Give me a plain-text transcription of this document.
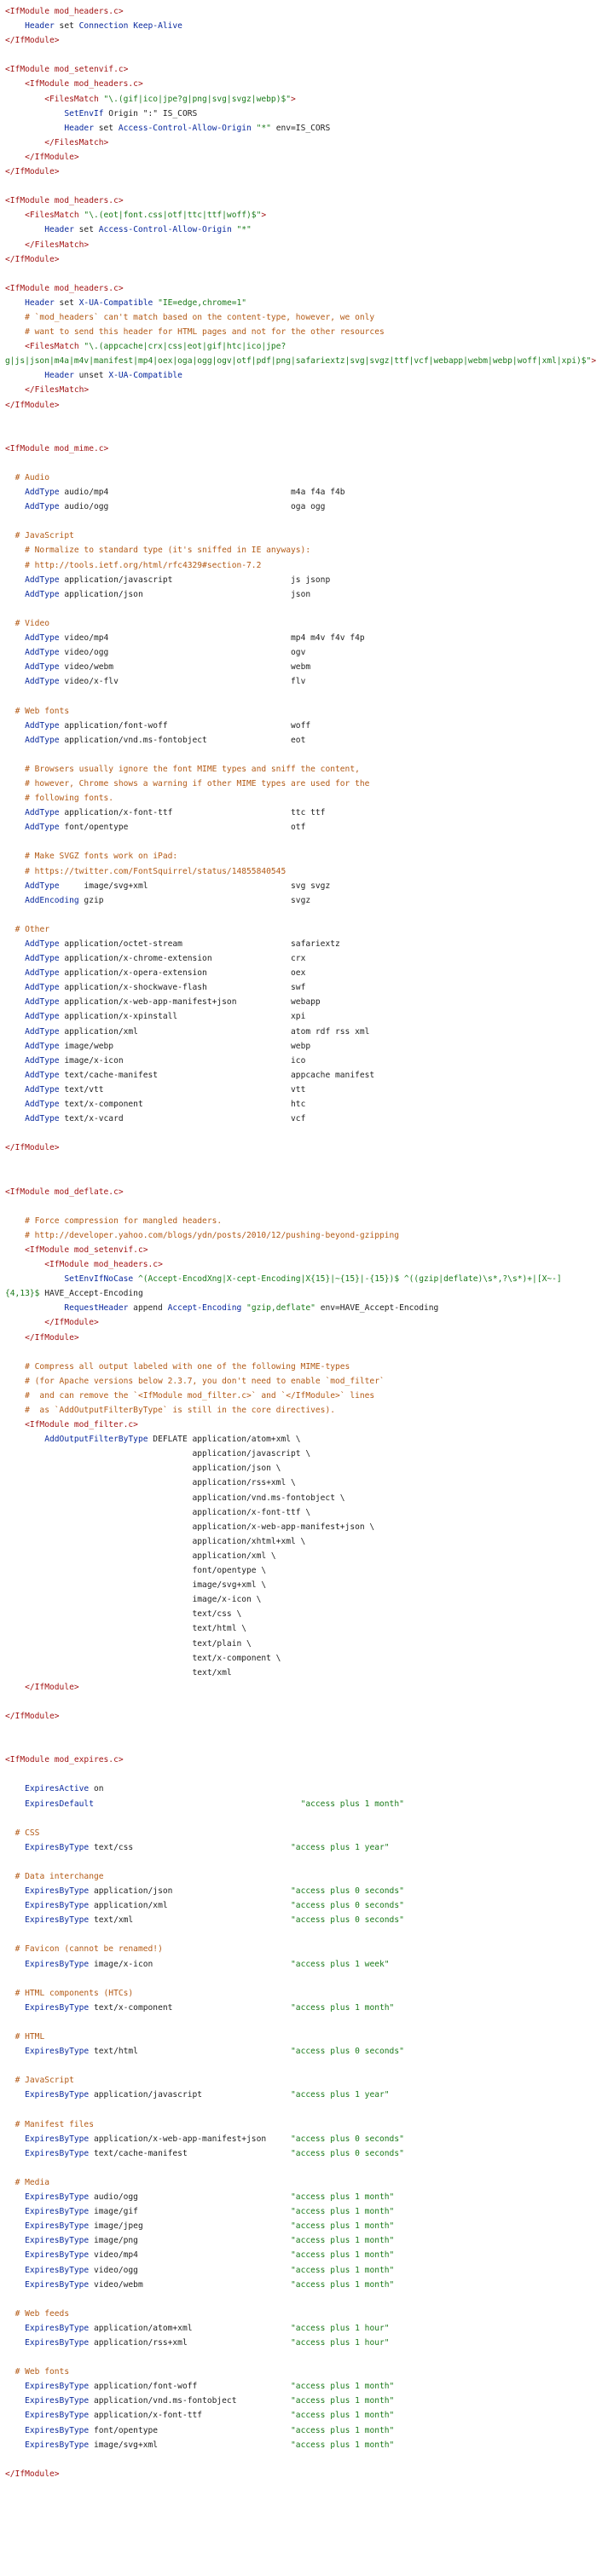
<IfModule mod_headers.c>
Header set Connection Keep-Alive
</IfModule>

<IfModule mod_setenvif.c>
<IfModule mod_headers.c>
<FilesMatch "\.(gif|ico|jpe?g|png|svg|svgz|webp)$">
SetEnvIf Origin ":" IS_CORS
Header set Access-Control-Allow-Origin "*" env=IS_CORS
</FilesMatch>
</IfModule>
</IfModule>

<IfModule mod_headers.c>
<FilesMatch "\.(eot|font.css|otf|ttc|ttf|woff)$">
Header set Access-Control-Allow-Origin "*"
</FilesMatch>
</IfModule>

<IfModule mod_headers.c>
Header set X-UA-Compatible "IE=edge,chrome=1"
# `mod_headers` can't match based on the content-type, however, we only
# want to send this header for HTML pages and not for the other resources
<FilesMatch "\.(appcache|crx|css|eot|gif|htc|ico|jpe?
g|js|json|m4a|m4v|manifest|mp4|oex|oga|ogg|ogv|otf|pdf|png|safariextz|svg|svgz|ttf|vcf|webapp|webm|webp|woff|xml|xpi)$">
Header unset X-UA-Compatible
</FilesMatch>
</IfModule>

<IfModule mod_mime.c>

# Audio
AddType audio/mp4                                     m4a f4a f4b
AddType audio/ogg                                     oga ogg

# JavaScript
# Normalize to standard type (it's sniffed in IE anyways):
# http://tools.ietf.org/html/rfc4329#section-7.2
AddType application/javascript                        js jsonp
AddType application/json                              json

# Video
AddType video/mp4                                     mp4 m4v f4v f4p
AddType video/ogg                                     ogv
AddType video/webm                                    webm
AddType video/x-flv                                   flv

# Web fonts
AddType application/font-woff                         woff
AddType application/vnd.ms-fontobject                 eot

# Browsers usually ignore the font MIME types and sniff the content,
# however, Chrome shows a warning if other MIME types are used for the
# following fonts.
AddType application/x-font-ttf                        ttc ttf
AddType font/opentype                                 otf

# Make SVGZ fonts work on iPad:
# https://twitter.com/FontSquirrel/status/14855840545
AddType     image/svg+xml                             svg svgz
AddEncoding gzip                                      svgz

# Other
AddType application/octet-stream                      safariextz
AddType application/x-chrome-extension                crx
AddType application/x-opera-extension                 oex
AddType application/x-shockwave-flash                 swf
AddType application/x-web-app-manifest+json           webapp
AddType application/x-xpinstall                       xpi
AddType application/xml                               atom rdf rss xml
AddType image/webp                                    webp
AddType image/x-icon                                  ico
AddType text/cache-manifest                           appcache manifest
AddType text/vtt                                      vtt
AddType text/x-component                              htc
AddType text/x-vcard                                  vcf

</IfModule>

<IfModule mod_deflate.c>

# Force compression for mangled headers.
# http://developer.yahoo.com/blogs/ydn/posts/2010/12/pushing-beyond-gzipping
<IfModule mod_setenvif.c>
<IfModule mod_headers.c>
SetEnvIfNoCase ^(Accept-EncodXng|X-cept-Encoding|X{15}|~{15}|-{15})$ ^((gzip|deflate)\s*,?\s*)+|[X~-]
{4,13}$ HAVE_Accept-Encoding
RequestHeader append Accept-Encoding "gzip,deflate" env=HAVE_Accept-Encoding
</IfModule>
</IfModule>

# Compress all output labeled with one of the following MIME-types
# (for Apache versions below 2.3.7, you don't need to enable `mod_filter`
#  and can remove the `<IfModule mod_filter.c>` and `</IfModule>` lines
#  as `AddOutputFilterByType` is still in the core directives).
<IfModule mod_filter.c>
AddOutputFilterByType DEFLATE application/atom+xml \
application/javascript \
application/json \
application/rss+xml \
application/vnd.ms-fontobject \
application/x-font-ttf \
application/x-web-app-manifest+json \
application/xhtml+xml \
application/xml \
font/opentype \
image/svg+xml \
image/x-icon \
text/css \
text/html \
text/plain \
text/x-component \
text/xml
</IfModule>

</IfModule>

<IfModule mod_expires.c>

ExpiresActive on
ExpiresDefault	"access plus 1 month"

# CSS
ExpiresByType text/css                                "access plus 1 year"

# Data interchange
ExpiresByType application/json                        "access plus 0 seconds"
ExpiresByType application/xml                         "access plus 0 seconds"
ExpiresByType text/xml                                "access plus 0 seconds"

# Favicon (cannot be renamed!)
ExpiresByType image/x-icon                            "access plus 1 week"

# HTML components (HTCs)
ExpiresByType text/x-component                        "access plus 1 month"

# HTML
ExpiresByType text/html                               "access plus 0 seconds"

# JavaScript
ExpiresByType application/javascript                  "access plus 1 year"

# Manifest files
ExpiresByType application/x-web-app-manifest+json     "access plus 0 seconds"
ExpiresByType text/cache-manifest                     "access plus 0 seconds"

# Media
ExpiresByType audio/ogg                               "access plus 1 month"
ExpiresByType image/gif                               "access plus 1 month"
ExpiresByType image/jpeg                              "access plus 1 month"
ExpiresByType image/png                               "access plus 1 month"
ExpiresByType video/mp4                               "access plus 1 month"
ExpiresByType video/ogg                               "access plus 1 month"
ExpiresByType video/webm                              "access plus 1 month"

# Web feeds
ExpiresByType application/atom+xml                    "access plus 1 hour"
ExpiresByType application/rss+xml                     "access plus 1 hour"

# Web fonts
ExpiresByType application/font-woff                   "access plus 1 month"
ExpiresByType application/vnd.ms-fontobject           "access plus 1 month"
ExpiresByType application/x-font-ttf                  "access plus 1 month"
ExpiresByType font/opentype                           "access plus 1 month"
ExpiresByType image/svg+xml                           "access plus 1 month"

</IfModule>
